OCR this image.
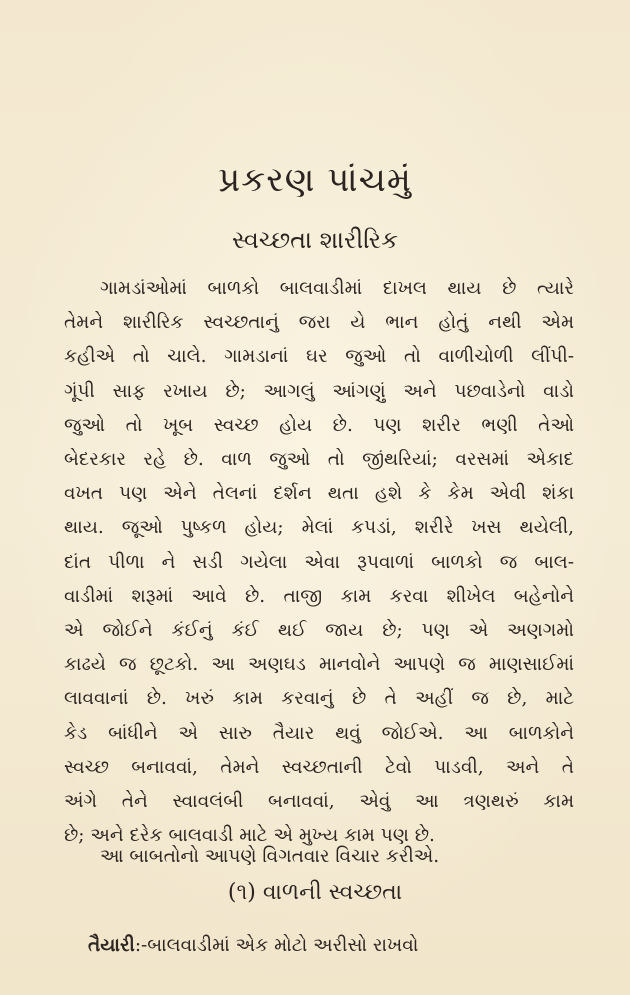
પ્રકરણ પાંચમું
સ્વચ્છતા શારીરિક
ગામડાંઓમાં બાળકો બાલવાડીમાં દાખલ થાય છે ત્યારે
તેમને શારીરિક સ્વચ્છતાનું જરા યે ભાન હોતું નથી એમ
કહીએ તો ચાલે. ગામડાનાં ઘર જુઓ તો વાળીચોળી લીંપી-
ગૂંપી સાફ રખાય છે; આગલું આંગણું અને પછવાડેનો વાડો
જુઓ તો ખૂબ સ્વચ્છ હોય છે. પણ શરીર ભણી તેઓ
બેદરકાર રહે છે. વાળ જુઓ તો જીંથરિયાં; વરસમાં એકાદ
વખત પણ એને તેલનાં દર્શન થતા હશે કે કેમ એવી શંકા
થાય. જૂઓ પુષ્કળ હોય; મેલાં કપડાં, શરીરે ખસ થયેલી,
દાંત પીળા ને સડી ગયેલા એવા રૂપવાળાં બાળકો જ બાલ-
વાડીમાં શરૂમાં આવે છે. તાજી કામ કરવા શીખેલ બહેનોને
એ જોઈને કંઈનું કંઈ થઈ જાય છે; પણ એ અણગમો
કાઢયે જ છૂટકો. આ અણઘડ માનવોને આપણે જ માણસાઈમાં
લાવવાનાં છે. ખરું કામ કરવાનું છે તે અહીં જ છે, માટે
કેડ બાંધીને એ સારુ તૈયાર થવું જોઈએ. આ બાળકોને
સ્વચ્છ બનાવવાં, તેમને સ્વચ્છતાની ટેવો પાડવી, અને તે
અંગે તેને સ્વાવલંબી બનાવવાં, એવું આ ત્રણથરું કામ
છે; અને દરેક બાલવાડી માટે એ મુખ્ય કામ પણ છે.
આ બાબતોનો આપણે વિગતવાર વિચાર કરીએ.
(૧) વાળની સ્વચ્છતા
તૈયારી:-બાલવાડીમાં એક મોટો અરીસો રાખવો
